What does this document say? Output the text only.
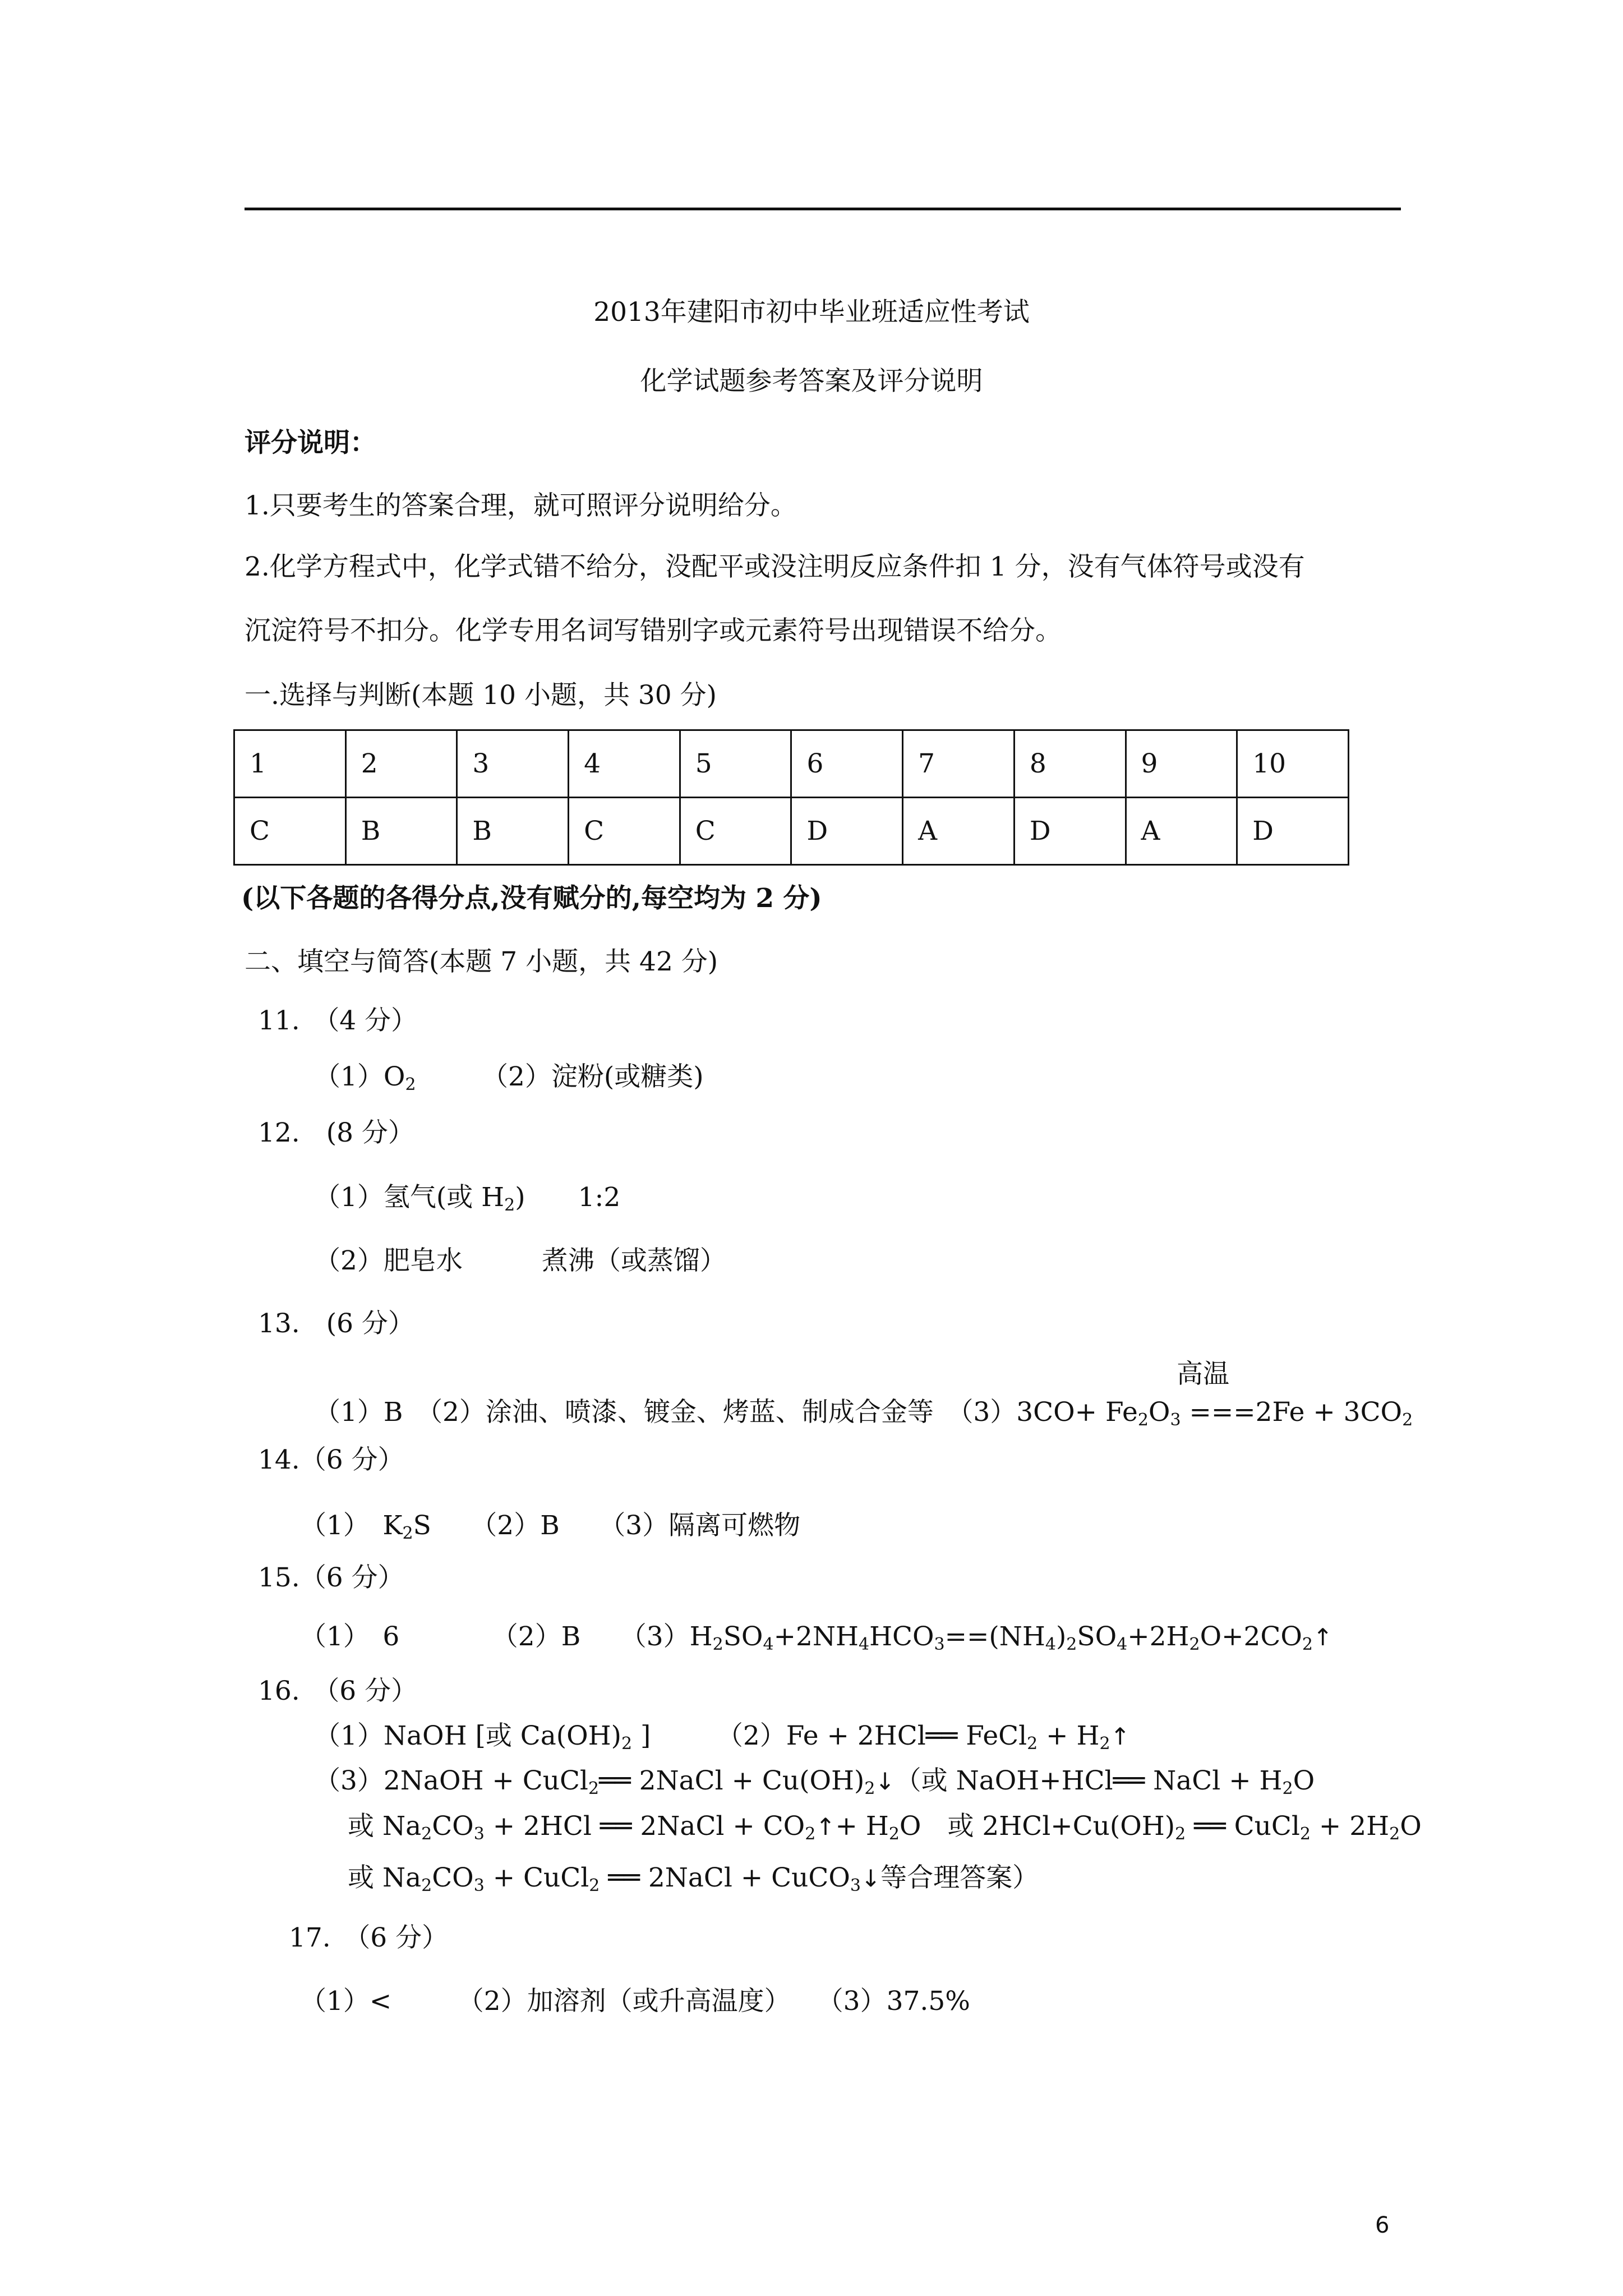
2013年建阳市初中毕业班适应性考试
化学试题参考答案及评分说明
评分说明：
1.只要考生的答案合理，就可照评分说明给分。
2.化学方程式中，化学式错不给分，没配平或没注明反应条件扣 1 分，没有气体符号或没有
沉淀符号不扣分。化学专用名词写错别字或元素符号出现错误不给分。
一.选择与判断(本题 10 小题，共 30 分)
1	2	3	4	5	6	7	8	9	10
C	B	B	C	C	D	A	D	A	D
(以下各题的各得分点,没有赋分的,每空均为 2 分)
二、填空与简答(本题 7 小题，共 42 分)
11.　（4 分）
$(1)O_2$　　　	（2）淀粉(或糖类)
12.　(8 分）
（1）氢气(或 $H_2$)　　1:2
（2）肥皂水　　　煮沸（或蒸馏）
13.　(6 分）
高温
（1）B　（2）涂油、喷漆、镀金、烤蓝、制成合金等　$(3)3CO+ Fe_2O_3 ===2Fe + 3CO_2$
14.（6 分）
（1）　$K_2S$　　（2）B　　（3）隔离可燃物
15.（6 分）
（1）　6　　　　（2）B　　$(3)H_2SO_4+2NH_4HCO_3==(NH_4)_2SO_4+2H_2O+2CO_2↑$
16.　（6 分）
（1）NaOH [或 $Ca(OH)_2$ ]　　　（2）Fe + 2HCl══ FeCl$_2$ + $H_2↑$
（3）2NaOH + CuCl$_2$══ 2NaCl + $Cu(OH)_2↓$（或 NaOH+HCl══ NaCl + $H_2O$
或 $Na_2CO_3 + 2HCl$ ══ 2NaCl + $CO_2↑+ H_2O$　或 $2HCl+Cu(OH)_2$ ══ CuCl$_2$ + $2H_2O$
或 $Na_2CO_3$ + CuCl$_2$ ══ 2NaCl + CuCO$_3$↓等合理答案）
17.　（6 分）
（1）<　　　（2）加溶剂（或升高温度）　　（3）37.5%
6
